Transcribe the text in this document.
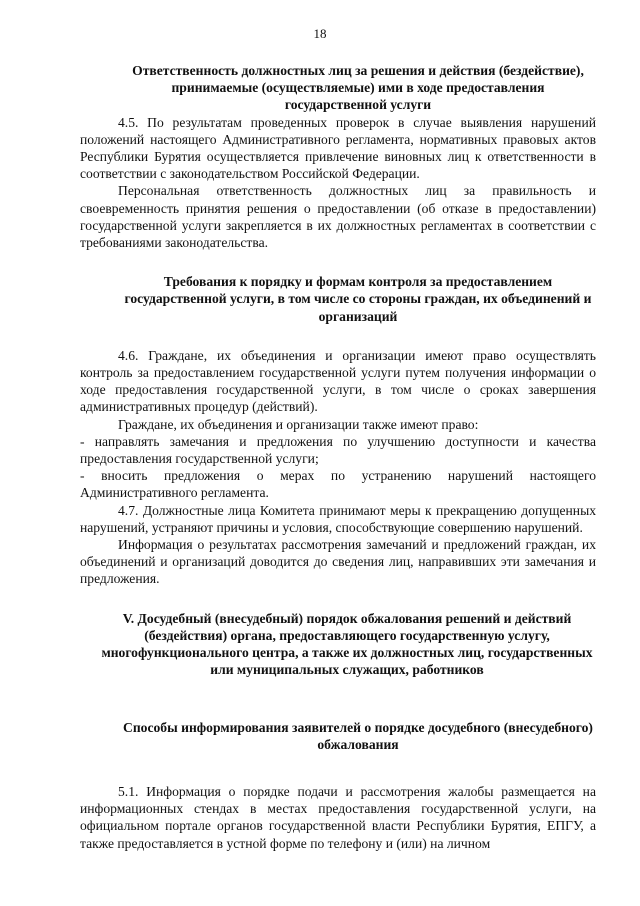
18
Ответственность должностных лиц за решения и действия (бездействие), принимаемые (осуществляемые) ими в ходе предоставления государственной услуги

4.5. По результатам проведенных проверок в случае выявления нарушений положений настоящего Административного регламента, нормативных правовых актов Республики Бурятия осуществляется привлечение виновных лиц к ответственности в соответствии с законодательством Российской Федерации.

Персональная ответственность должностных лиц за правильность и своевременность принятия решения о предоставлении (об отказе в предоставлении) государственной услуги закрепляется в их должностных регламентах в соответствии с требованиями законодательства.

Требования к порядку и формам контроля за предоставлением государственной услуги, в том числе со стороны граждан, их объединений и организаций

4.6. Граждане, их объединения и организации имеют право осуществлять контроль за предоставлением государственной услуги путем получения информации о ходе предоставления государственной услуги, в том числе о сроках завершения административных процедур (действий).

Граждане, их объединения и организации также имеют право:

- направлять замечания и предложения по улучшению доступности и качества предоставления государственной услуги;

- вносить предложения о мерах по устранению нарушений настоящего Административного регламента.

4.7. Должностные лица Комитета принимают меры к прекращению допущенных нарушений, устраняют причины и условия, способствующие совершению нарушений.

Информация о результатах рассмотрения замечаний и предложений граждан, их объединений и организаций доводится до сведения лиц, направивших эти замечания и предложения.

V. Досудебный (внесудебный) порядок обжалования решений и действий (бездействия) органа, предоставляющего государственную услугу, многофункционального центра, а также их должностных лиц, государственных или муниципальных служащих, работников
Способы информирования заявителей о порядке досудебного (внесудебного) обжалования

5.1. Информация о порядке подачи и рассмотрения жалобы размещается на информационных стендах в местах предоставления государственной услуги, на официальном портале органов государственной власти Республики Бурятия, ЕПГУ, а также предоставляется в устной форме по телефону и (или) на личном
